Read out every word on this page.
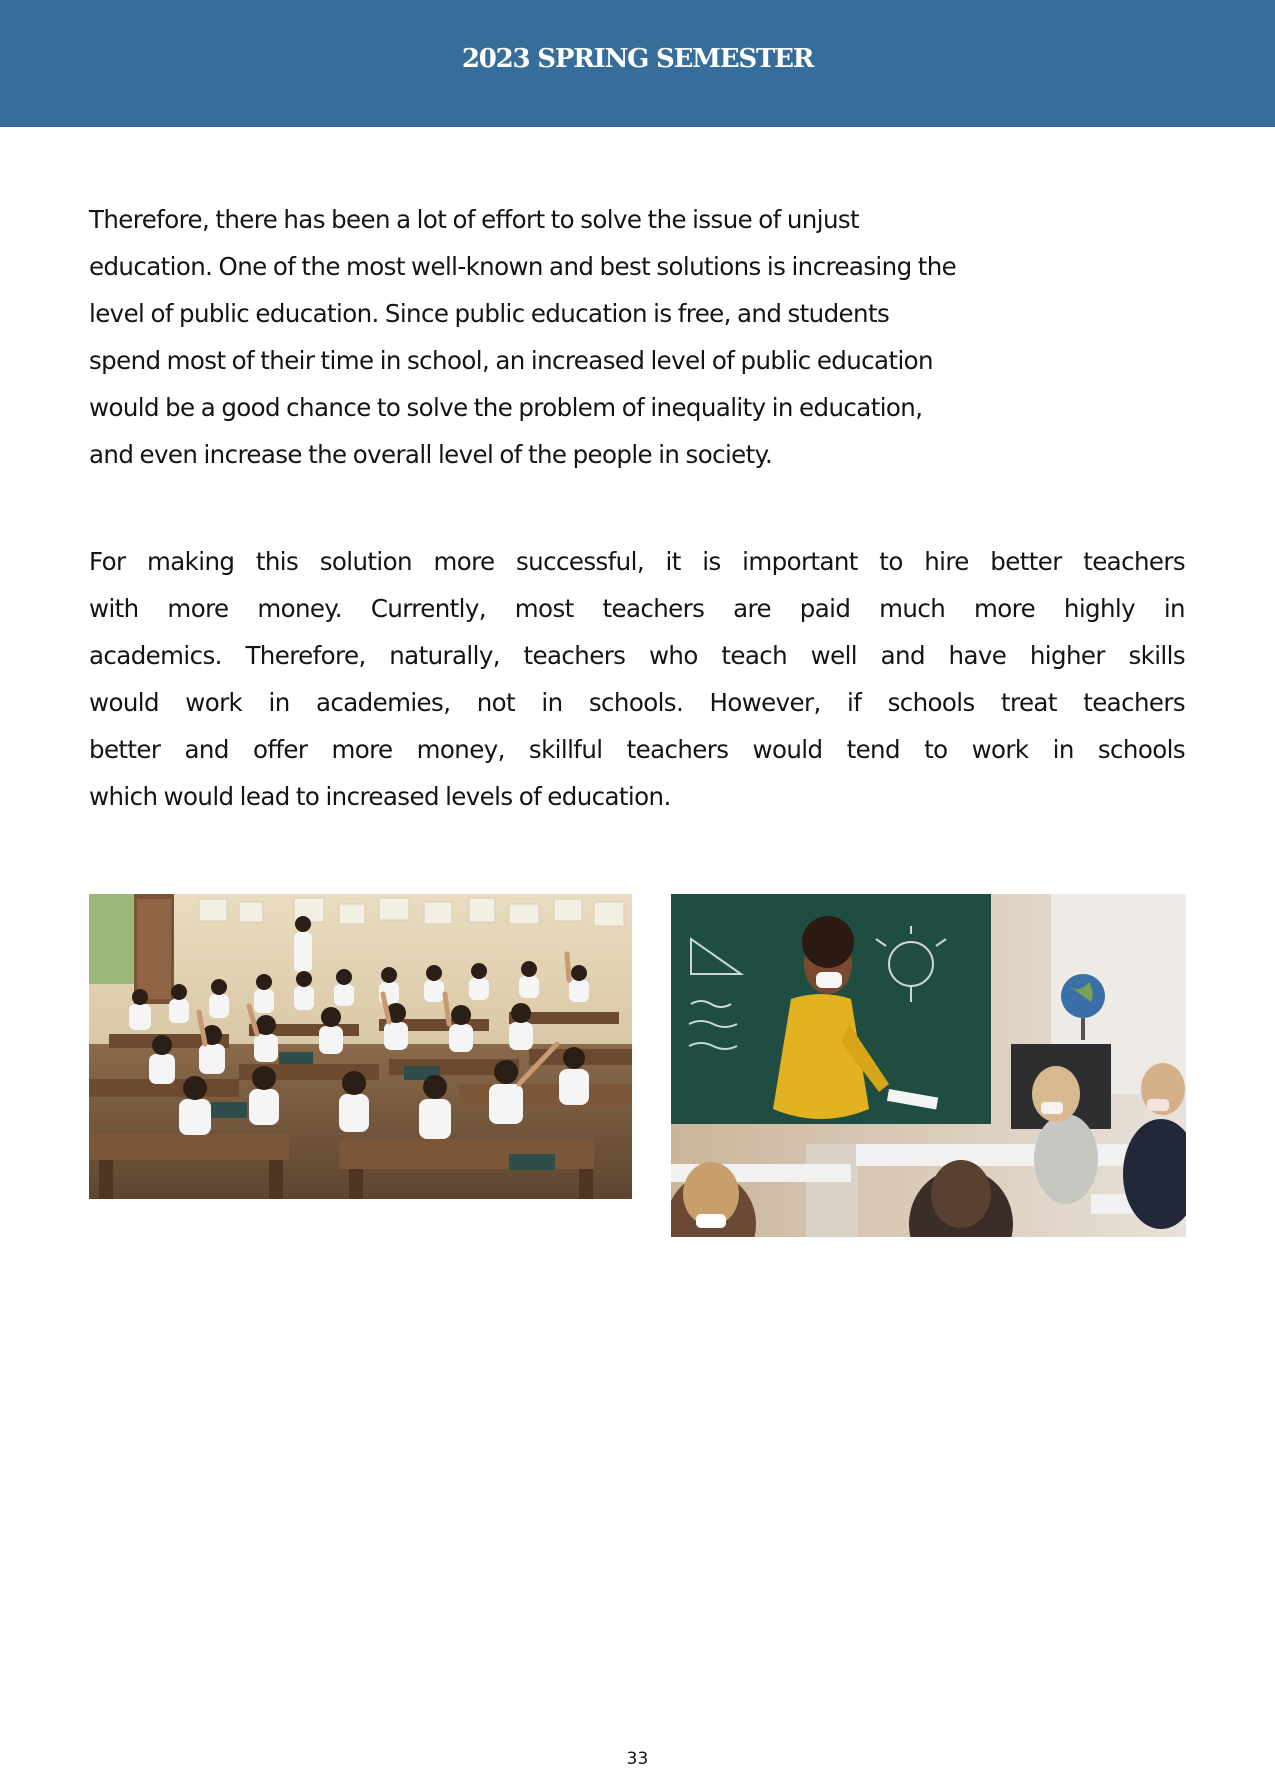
2023 SPRING SEMESTER
Therefore, there has been a lot of effort to solve the issue of unjust
education. One of the most well-known and best solutions is increasing the
level of public education. Since public education is free, and students
spend most of their time in school, an increased level of public education
would be a good chance to solve the problem of inequality in education,
and even increase the overall level of the people in society.
For making this solution more successful, it is important to hire better teachers
with more money. Currently, most teachers are paid much more highly in
academics. Therefore, naturally, teachers who teach well and have higher skills
would work in academies, not in schools. However, if schools treat teachers
better and offer more money, skillful teachers would tend to work in schools
which would lead to increased levels of education.
33
